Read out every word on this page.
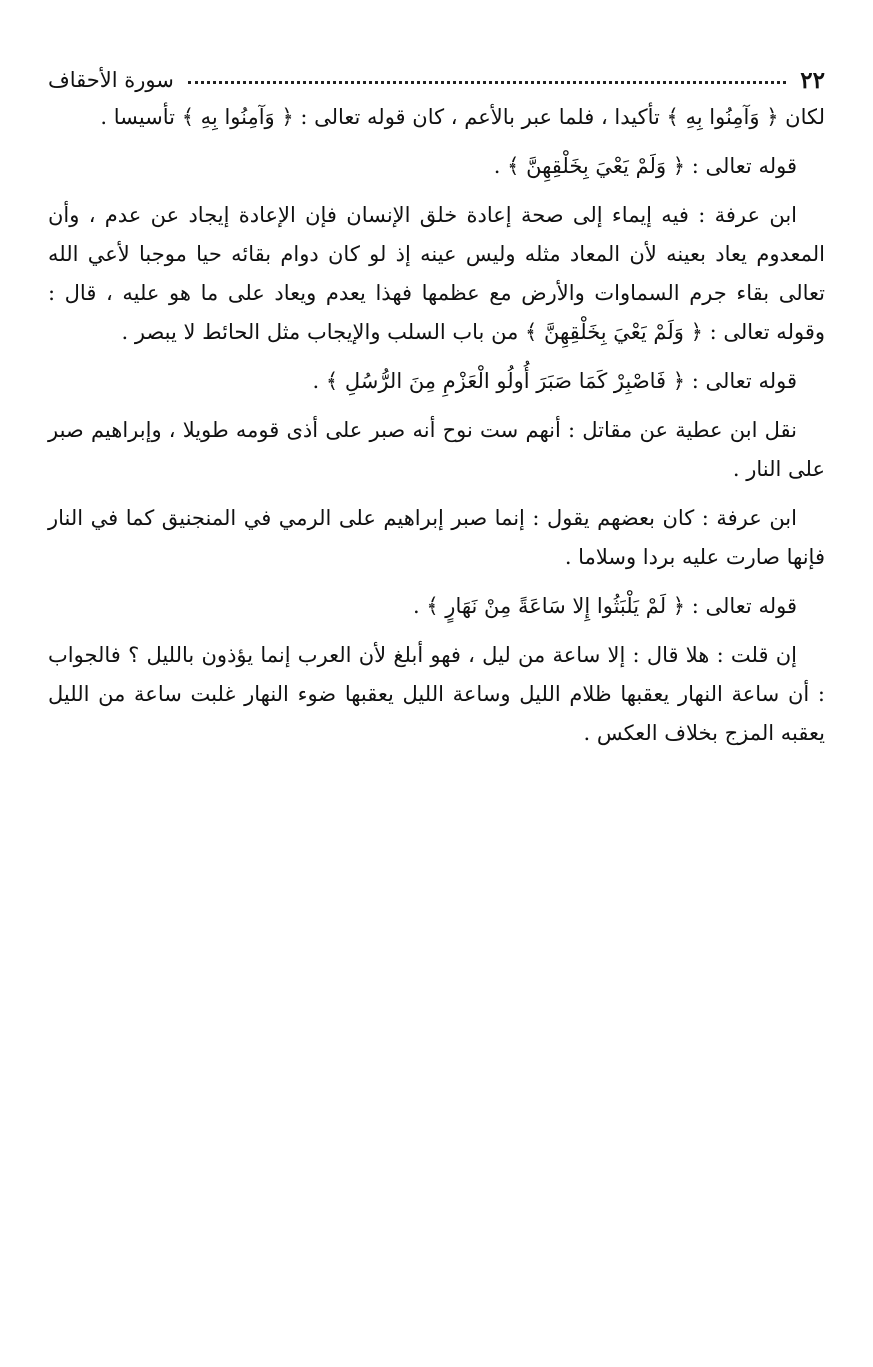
٢٢
سورة الأحقاف

لكان ﴿ وَآمِنُوا بِهِ ﴾ تأكيدا ، فلما عبر بالأعم ، كان قوله تعالى : ﴿ وَآمِنُوا بِهِ ﴾ تأسيسا .

قوله تعالى : ﴿ وَلَمْ يَعْيَ بِخَلْقِهِنَّ ﴾ .

ابن عرفة : فيه إيماء إلى صحة إعادة خلق الإنسان فإن الإعادة إيجاد عن عدم ، وأن المعدوم يعاد بعينه لأن المعاد مثله وليس عينه إذ لو كان دوام بقائه حيا موجبا لأعي الله تعالى بقاء جرم السماوات والأرض مع عظمها فهذا يعدم ويعاد على ما هو عليه ، قال : وقوله تعالى : ﴿ وَلَمْ يَعْيَ بِخَلْقِهِنَّ ﴾ من باب السلب والإيجاب مثل الحائط لا يبصر .

قوله تعالى : ﴿ فَاصْبِرْ كَمَا صَبَرَ أُولُو الْعَزْمِ مِنَ الرُّسُلِ ﴾ .

نقل ابن عطية عن مقاتل : أنهم ست نوح أنه صبر على أذى قومه طويلا ، وإبراهيم صبر على النار .

ابن عرفة : كان بعضهم يقول : إنما صبر إبراهيم على الرمي في المنجنيق كما في النار فإنها صارت عليه بردا وسلاما .

قوله تعالى : ﴿ لَمْ يَلْبَثُوا إِلا سَاعَةً مِنْ نَهَارٍ ﴾ .

إن قلت : هلا قال : إلا ساعة من ليل ، فهو أبلغ لأن العرب إنما يؤذون بالليل ؟ فالجواب : أن ساعة النهار يعقبها ظلام الليل وساعة الليل يعقبها ضوء النهار غلبت ساعة من الليل يعقبه المزج بخلاف العكس .
